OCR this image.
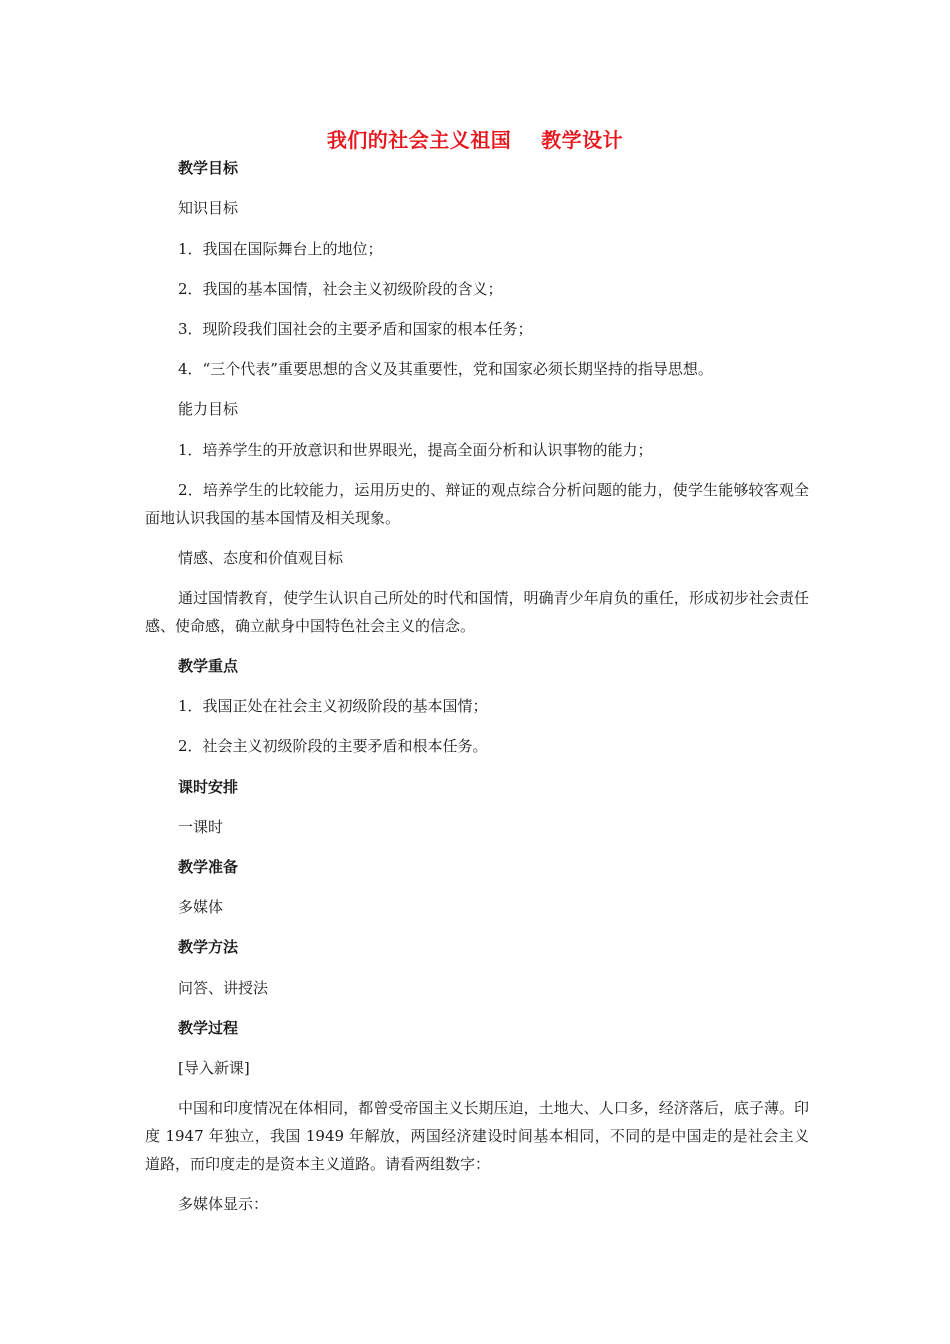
我们的社会主义祖国    教学设计
教学目标
知识目标
1．我国在国际舞台上的地位；
2．我国的基本国情，社会主义初级阶段的含义；
3．现阶段我们国社会的主要矛盾和国家的根本任务；
4．“三个代表”重要思想的含义及其重要性，党和国家必须长期坚持的指导思想。
能力目标
1．培养学生的开放意识和世界眼光，提高全面分析和认识事物的能力；
2．培养学生的比较能力，运用历史的、辩证的观点综合分析问题的能力，使学生能够较客观全面地认识我国的基本国情及相关现象。
情感、态度和价值观目标
通过国情教育，使学生认识自己所处的时代和国情，明确青少年肩负的重任，形成初步社会责任感、使命感，确立献身中国特色社会主义的信念。
教学重点
1．我国正处在社会主义初级阶段的基本国情；
2．社会主义初级阶段的主要矛盾和根本任务。
课时安排
一课时
教学准备
多媒体
教学方法
问答、讲授法
教学过程
[导入新课]
中国和印度情况在体相同，都曾受帝国主义长期压迫，土地大、人口多，经济落后，底子薄。印度 1947 年独立，我国 1949 年解放，两国经济建设时间基本相同，不同的是中国走的是社会主义道路，而印度走的是资本主义道路。请看两组数字：
多媒体显示：
